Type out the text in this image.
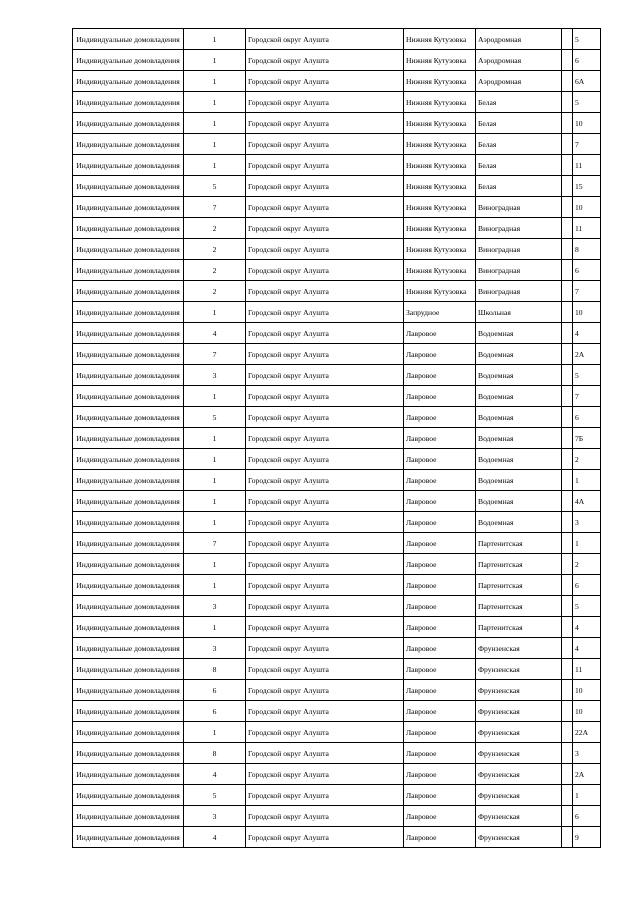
Индивидуальные домовладения	1	Городской округ Алушта	Нижняя Кутузовка	Аэродромная		5
Индивидуальные домовладения	1	Городской округ Алушта	Нижняя Кутузовка	Аэродромная		6
Индивидуальные домовладения	1	Городской округ Алушта	Нижняя Кутузовка	Аэродромная		6А
Индивидуальные домовладения	1	Городской округ Алушта	Нижняя Кутузовка	Белая		5
Индивидуальные домовладения	1	Городской округ Алушта	Нижняя Кутузовка	Белая		10
Индивидуальные домовладения	1	Городской округ Алушта	Нижняя Кутузовка	Белая		7
Индивидуальные домовладения	1	Городской округ Алушта	Нижняя Кутузовка	Белая		11
Индивидуальные домовладения	5	Городской округ Алушта	Нижняя Кутузовка	Белая		15
Индивидуальные домовладения	7	Городской округ Алушта	Нижняя Кутузовка	Виноградная		10
Индивидуальные домовладения	2	Городской округ Алушта	Нижняя Кутузовка	Виноградная		11
Индивидуальные домовладения	2	Городской округ Алушта	Нижняя Кутузовка	Виноградная		8
Индивидуальные домовладения	2	Городской округ Алушта	Нижняя Кутузовка	Виноградная		6
Индивидуальные домовладения	2	Городской округ Алушта	Нижняя Кутузовка	Виноградная		7
Индивидуальные домовладения	1	Городской округ Алушта	Запрудное	Школьная		10
Индивидуальные домовладения	4	Городской округ Алушта	Лавровое	Водоемная		4
Индивидуальные домовладения	7	Городской округ Алушта	Лавровое	Водоемная		2А
Индивидуальные домовладения	3	Городской округ Алушта	Лавровое	Водоемная		5
Индивидуальные домовладения	1	Городской округ Алушта	Лавровое	Водоемная		7
Индивидуальные домовладения	5	Городской округ Алушта	Лавровое	Водоемная		6
Индивидуальные домовладения	1	Городской округ Алушта	Лавровое	Водоемная		7Б
Индивидуальные домовладения	1	Городской округ Алушта	Лавровое	Водоемная		2
Индивидуальные домовладения	1	Городской округ Алушта	Лавровое	Водоемная		1
Индивидуальные домовладения	1	Городской округ Алушта	Лавровое	Водоемная		4А
Индивидуальные домовладения	1	Городской округ Алушта	Лавровое	Водоемная		3
Индивидуальные домовладения	7	Городской округ Алушта	Лавровое	Партенитская		1
Индивидуальные домовладения	1	Городской округ Алушта	Лавровое	Партенитская		2
Индивидуальные домовладения	1	Городской округ Алушта	Лавровое	Партенитская		6
Индивидуальные домовладения	3	Городской округ Алушта	Лавровое	Партенитская		5
Индивидуальные домовладения	1	Городской округ Алушта	Лавровое	Партенитская		4
Индивидуальные домовладения	3	Городской округ Алушта	Лавровое	Фрунзенская		4
Индивидуальные домовладения	8	Городской округ Алушта	Лавровое	Фрунзенская		11
Индивидуальные домовладения	6	Городской округ Алушта	Лавровое	Фрунзенская		10
Индивидуальные домовладения	6	Городской округ Алушта	Лавровое	Фрунзенская		10
Индивидуальные домовладения	1	Городской округ Алушта	Лавровое	Фрунзенская		22А
Индивидуальные домовладения	8	Городской округ Алушта	Лавровое	Фрунзенская		3
Индивидуальные домовладения	4	Городской округ Алушта	Лавровое	Фрунзенская		2А
Индивидуальные домовладения	5	Городской округ Алушта	Лавровое	Фрунзенская		1
Индивидуальные домовладения	3	Городской округ Алушта	Лавровое	Фрунзенская		6
Индивидуальные домовладения	4	Городской округ Алушта	Лавровое	Фрунзенская		9
